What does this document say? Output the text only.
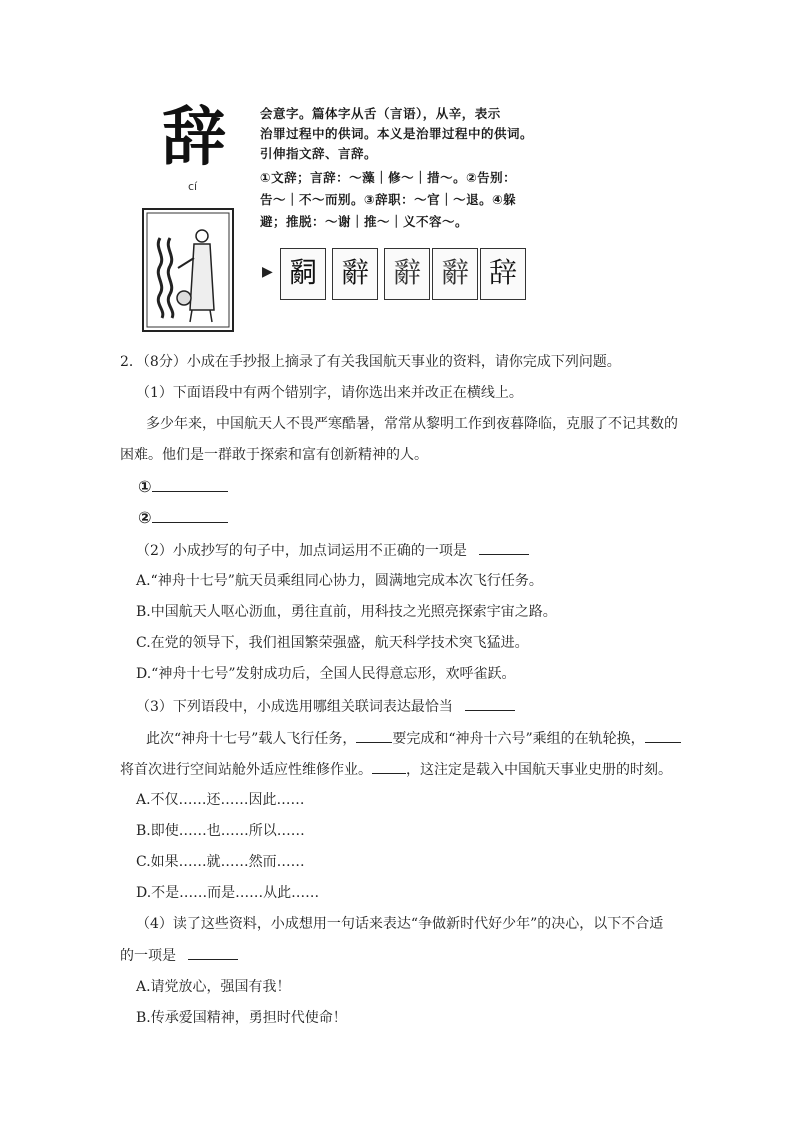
辞
cí
会意字。篇体字从舌（言语），从辛，表示
治罪过程中的供词。本义是治罪过程中的供词。
引伸指文辞、言辞。
①文辞；言辞：～藻｜修～｜措～。②告别：
告～｜不～而别。③辞职：～官｜～退。④躲
避；推脱：～谢｜推～｜义不容～。
▶ 𤔲 辭 辭 辭 辞
2．（8分）小成在手抄报上摘录了有关我国航天事业的资料，请你完成下列问题。
（1）下面语段中有两个错别字，请你选出来并改正在横线上。
多少年来，中国航天人不畏严寒酷暑，常常从黎明工作到夜暮降临，克服了不记其数的
困难。他们是一群敢于探索和富有创新精神的人。
①
②
（2）小成抄写的句子中，加点词运用不正确的一项是
A.“神舟十七号”航天员乘组同心协力，圆满地完成本次飞行任务。
B.中国航天人呕心沥血，勇往直前，用科技之光照亮探索宇宙之路。
C.在党的领导下，我们祖国繁荣强盛，航天科学技术突飞猛进。
D.“神舟十七号”发射成功后，全国人民得意忘形，欢呼雀跃。
（3）下列语段中，小成选用哪组关联词表达最恰当
此次“神舟十七号”载人飞行任务，	要完成和“神舟十六号”乘组的在轨轮换，
将首次进行空间站舱外适应性维修作业。 ，这注定是载入中国航天事业史册的时刻。
A.不仅……还……因此……
B.即使……也……所以……
C.如果……就……然而……
D.不是……而是……从此……
（4）读了这些资料，小成想用一句话来表达“争做新时代好少年”的决心，以下不合适
的一项是
A.请党放心，强国有我！
B.传承爱国精神，勇担时代使命！
